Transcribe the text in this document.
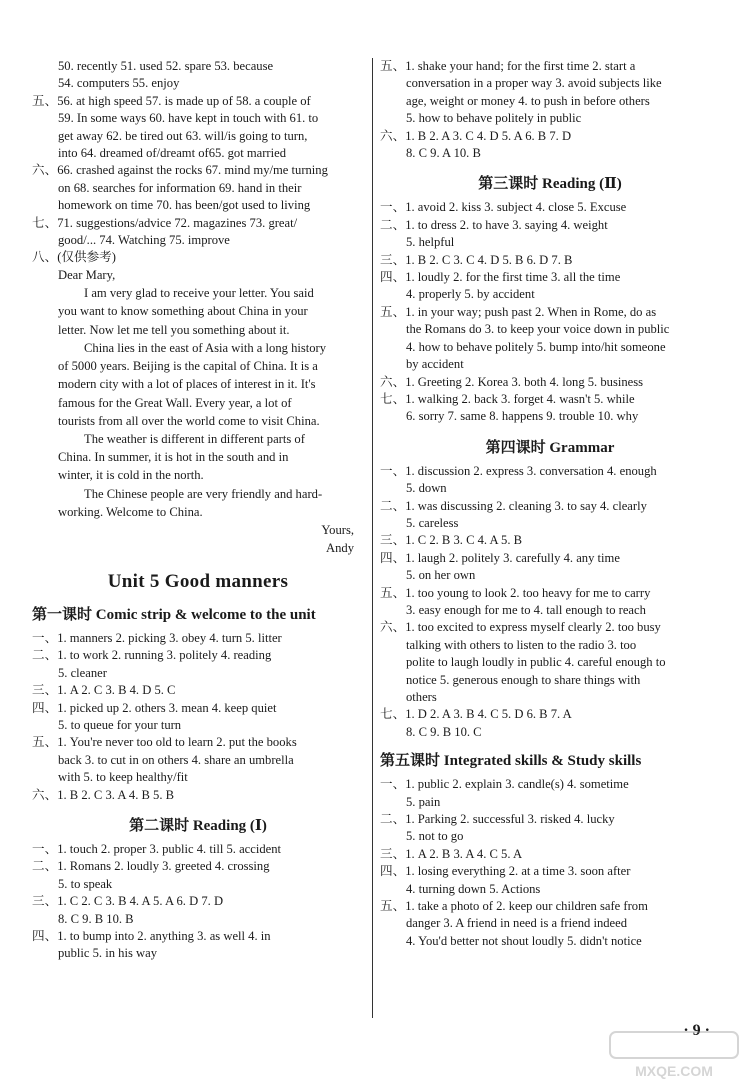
50. recently 51. used 52. spare 53. because

54. computers 55. enjoy

五、56. at high speed 57. is made up of 58. a couple of

59. In some ways 60. have kept in touch with 61. to

get away 62. be tired out 63. will/is going to turn,

into 64. dreamed of/dreamt of65. got married

六、66. crashed against the rocks 67. mind my/me turning

on 68. searches for information 69. hand in their

homework on time 70. has been/got used to living

七、71. suggestions/advice 72. magazines 73. great/

good/... 74. Watching 75. improve

八、(仅供参考)

Dear Mary,

I am very glad to receive your letter. You said
you want to know something about China in your
letter. Now let me tell you something about it.

China lies in the east of Asia with a long history
of 5000 years. Beijing is the capital of China. It is a
modern city with a lot of places of interest in it. It's
famous for the Great Wall. Every year, a lot of
tourists from all over the world come to visit China.

The weather is different in different parts of
China. In summer, it is hot in the south and in
winter, it is cold in the north.

The Chinese people are very friendly and hard-
working. Welcome to China.

Yours,

Andy

Unit 5 Good manners
第一课时 Comic strip & welcome to the unit

一、1. manners 2. picking 3. obey 4. turn 5. litter

二、1. to work 2. running 3. politely 4. reading

5. cleaner

三、1. A 2. C 3. B 4. D 5. C

四、1. picked up 2. others 3. mean 4. keep quiet

5. to queue for your turn

五、1. You're never too old to learn 2. put the books

back 3. to cut in on others 4. share an umbrella

with 5. to keep healthy/fit

六、1. B 2. C 3. A 4. B 5. B

第二课时 Reading (Ⅰ)

一、1. touch 2. proper 3. public 4. till 5. accident

二、1. Romans 2. loudly 3. greeted 4. crossing

5. to speak

三、1. C 2. C 3. B 4. A 5. A 6. D 7. D

8. C 9. B 10. B

四、1. to bump into 2. anything 3. as well 4. in

public 5. in his way

五、1. shake your hand; for the first time 2. start a

conversation in a proper way 3. avoid subjects like

age, weight or money 4. to push in before others

5. how to behave politely in public

六、1. B 2. A 3. C 4. D 5. A 6. B 7. D

8. C 9. A 10. B

第三课时 Reading (Ⅱ)

一、1. avoid 2. kiss 3. subject 4. close 5. Excuse

二、1. to dress 2. to have 3. saying 4. weight

5. helpful

三、1. B 2. C 3. C 4. D 5. B 6. D 7. B

四、1. loudly 2. for the first time 3. all the time

4. properly 5. by accident

五、1. in your way; push past 2. When in Rome, do as

the Romans do 3. to keep your voice down in public

4. how to behave politely 5. bump into/hit someone

by accident

六、1. Greeting 2. Korea 3. both 4. long 5. business

七、1. walking 2. back 3. forget 4. wasn't 5. while

6. sorry 7. same 8. happens 9. trouble 10. why

第四课时 Grammar

一、1. discussion 2. express 3. conversation 4. enough

5. down

二、1. was discussing 2. cleaning 3. to say 4. clearly

5. careless

三、1. C 2. B 3. C 4. A 5. B

四、1. laugh 2. politely 3. carefully 4. any time

5. on her own

五、1. too young to look 2. too heavy for me to carry

3. easy enough for me to 4. tall enough to reach

六、1. too excited to express myself clearly 2. too busy

talking with others to listen to the radio 3. too

polite to laugh loudly in public 4. careful enough to

notice 5. generous enough to share things with

others

七、1. D 2. A 3. B 4. C 5. D 6. B 7. A

8. C 9. B 10. C

第五课时 Integrated skills & Study skills

一、1. public 2. explain 3. candle(s) 4. sometime

5. pain

二、1. Parking 2. successful 3. risked 4. lucky

5. not to go

三、1. A 2. B 3. A 4. C 5. A

四、1. losing everything 2. at a time 3. soon after

4. turning down 5. Actions

五、1. take a photo of 2. keep our children safe from

danger 3. A friend in need is a friend indeed

4. You'd better not shout loudly 5. didn't notice

· 9 ·
MXQE.COM
